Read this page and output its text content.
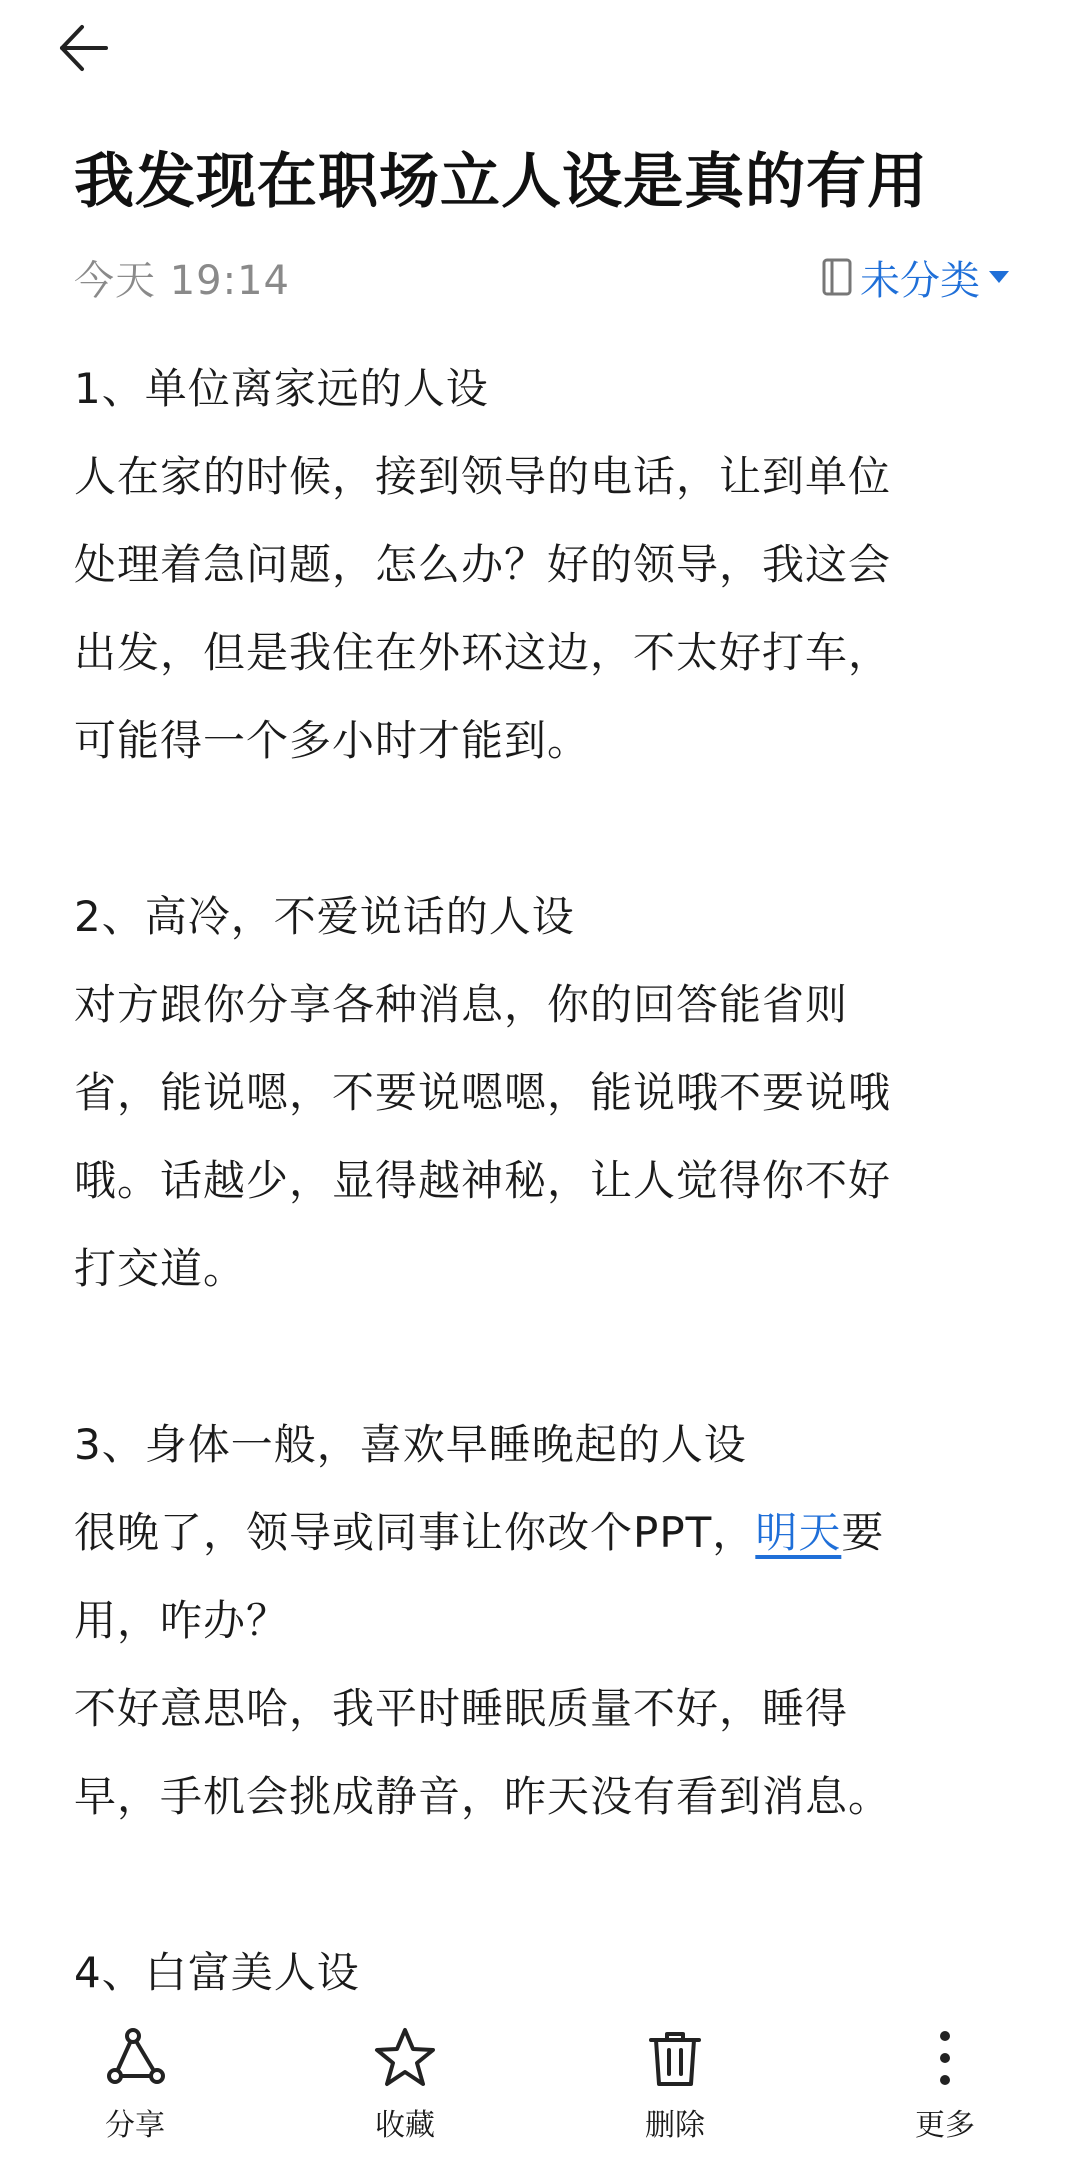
我发现在职场立人设是真的有用
今天 19:14	未分类
1、单位离家远的人设
人在家的时候，接到领导的电话，让到单位
处理着急问题，怎么办？好的领导，我这会
出发，但是我住在外环这边，不太好打车，
可能得一个多小时才能到。
2、高冷，不爱说话的人设
对方跟你分享各种消息，你的回答能省则
省，能说嗯，不要说嗯嗯，能说哦不要说哦
哦。话越少，显得越神秘，让人觉得你不好
打交道。
3、身体一般，喜欢早睡晚起的人设
很晚了，领导或同事让你改个PPT，明天要
用，咋办？
不好意思哈，我平时睡眠质量不好，睡得
早，手机会挑成静音，昨天没有看到消息。
4、白富美人设
分享	收藏	删除	更多
